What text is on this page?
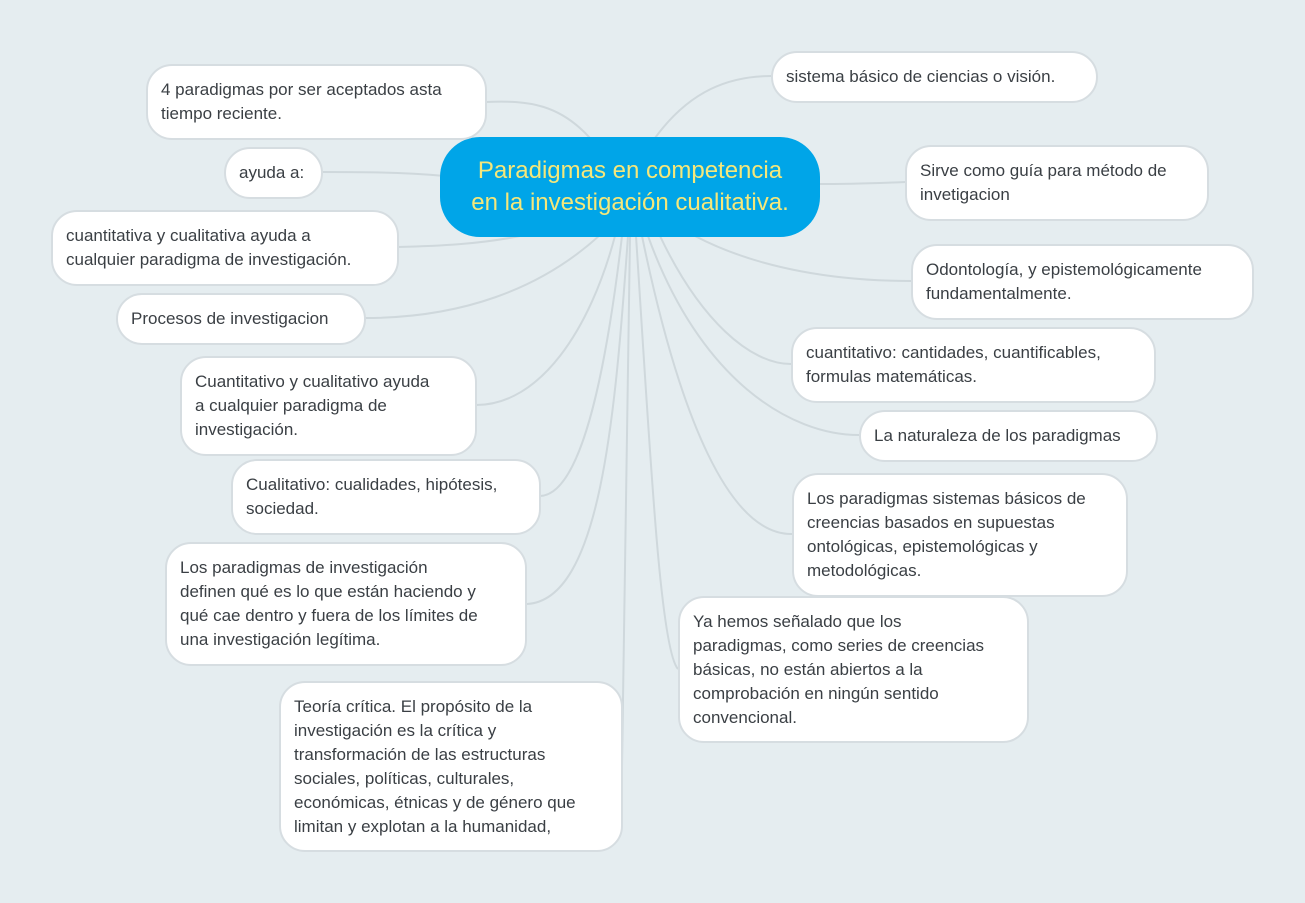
Paradigmas en competencia
en la investigación cualitativa.
4 paradigmas por ser aceptados asta
tiempo reciente.
ayuda a:
cuantitativa y cualitativa ayuda a
cualquier paradigma de investigación.
Procesos de investigacion
Cuantitativo y cualitativo ayuda
a cualquier paradigma de
investigación.
Cualitativo: cualidades, hipótesis,
sociedad.
Los paradigmas de investigación
definen qué es lo que están haciendo y
qué cae dentro y fuera de los límites de
una investigación legítima.
Teoría crítica. El propósito de la
investigación es la crítica y
transformación de las estructuras
sociales, políticas, culturales,
económicas, étnicas y de género que
limitan y explotan a la humanidad,
sistema básico de ciencias o visión.
Sirve como guía para método de
invetigacion
Odontología, y epistemológicamente
fundamentalmente.
cuantitativo: cantidades, cuantificables,
formulas matemáticas.
La naturaleza de los paradigmas
Los paradigmas sistemas básicos de
creencias basados en supuestas
ontológicas, epistemológicas y
metodológicas.
Ya hemos señalado que los
paradigmas, como series de creencias
básicas, no están abiertos a la
comprobación en ningún sentido
convencional.
